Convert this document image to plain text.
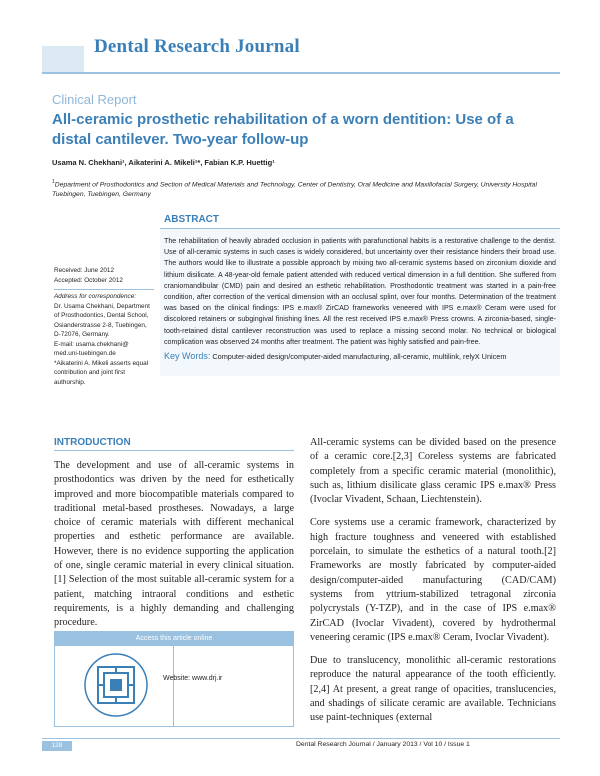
Dental Research Journal
Clinical Report
All-ceramic prosthetic rehabilitation of a worn dentition: Use of a distal cantilever. Two-year follow-up
Usama N. Chekhani¹, Aikaterini A. Mikeli¹*, Fabian K.P. Huettig¹
$^1$Department of Prosthodontics and Section of Medical Materials and Technology, Center of Dentistry, Oral Medicine and Maxillofacial Surgery, University Hospital Tuebingen, Tuebingen, Germany
ABSTRACT
The rehabilitation of heavily abraded occlusion in patients with parafunctional habits is a restorative challenge to the dentist. Use of all-ceramic systems in such cases is widely considered, but uncertainty over their resistance hinders their broad use. The authors would like to illustrate a possible approach by mixing two all-ceramic systems based on zirconium dioxide and lithium disilicate. A 48-year-old female patient attended with reduced vertical dimension in a full dentition. She suffered from craniomandibular (CMD) pain and desired an esthetic rehabilitation. Prosthodontic treatment was started in a pain-free condition, after correction of the vertical dimension with an occlusal splint, over four months. Determination of the treatment was based on the clinical findings: IPS e.max® ZirCAD frameworks veneered with IPS e.max® Ceram were used for discolored retainers or subgingival finishing lines. All the rest received IPS e.max® Press crowns. A zirconia-based, single-tooth-retained distal cantilever reconstruction was used to replace a missing second molar. No technical or biological complication was observed 24 months after treatment. The patient was highly satisfied and pain-free.
Key Words: Computer-aided design/computer-aided manufacturing, all-ceramic, multilink, relyX Unicem
Received: June 2012
Accepted: October 2012
Address for correspondence:
Dr. Usama Chekhani, Department of Prosthodontics, Dental School, Osianderstrasse 2-8, Tuebingen, D-72076, Germany.
E-mail: usama.chekhani@ med.uni-tuebingen.de
*Aikaterini A. Mikeli asserts equal contribution and joint first authorship.
INTRODUCTION
The development and use of all-ceramic systems in prosthodontics was driven by the need for esthetically improved and more biocompatible materials compared to traditional metal-based prostheses. Nowadays, a large choice of ceramic materials with different mechanical properties and esthetic performance are available. However, there is no evidence supporting the application of one, single ceramic material in every clinical situation.[1] Selection of the most suitable all-ceramic system for a patient, matching intraoral conditions and esthetic requirements, is a highly demanding and challenging procedure.

All-ceramic systems can be divided based on the presence of a ceramic core.[2,3] Coreless systems are fabricated completely from a specific ceramic material (monolithic), such as, lithium disilicate glass ceramic IPS e.max® Press (Ivoclar Vivadent, Schaan, Liechtenstein).

Core systems use a ceramic framework, characterized by high fracture toughness and veneered with established porcelain, to simulate the esthetics of a natural tooth.[2] Frameworks are mostly fabricated by computer-aided design/computer-aided manufacturing (CAD/CAM) systems from yttrium-stabilized tetragonal zirconia polycrystals (Y-TZP), and in the case of IPS e.max® ZirCAD (Ivoclar Vivadent), covered by hydrothermal veneering ceramic (IPS e.max® Ceram, Ivoclar Vivadent).

Due to translucency, monolithic all-ceramic restorations reproduce the natural appearance of the tooth efficiently.[2,4] At present, a great range of opacities, translucencies, and shadings of silicate ceramic are available. Technicians use paint-techniques (external

Access this article online
Website: www.drj.ir
128	Dental Research Journal / January 2013 / Vol 10 / Issue 1
